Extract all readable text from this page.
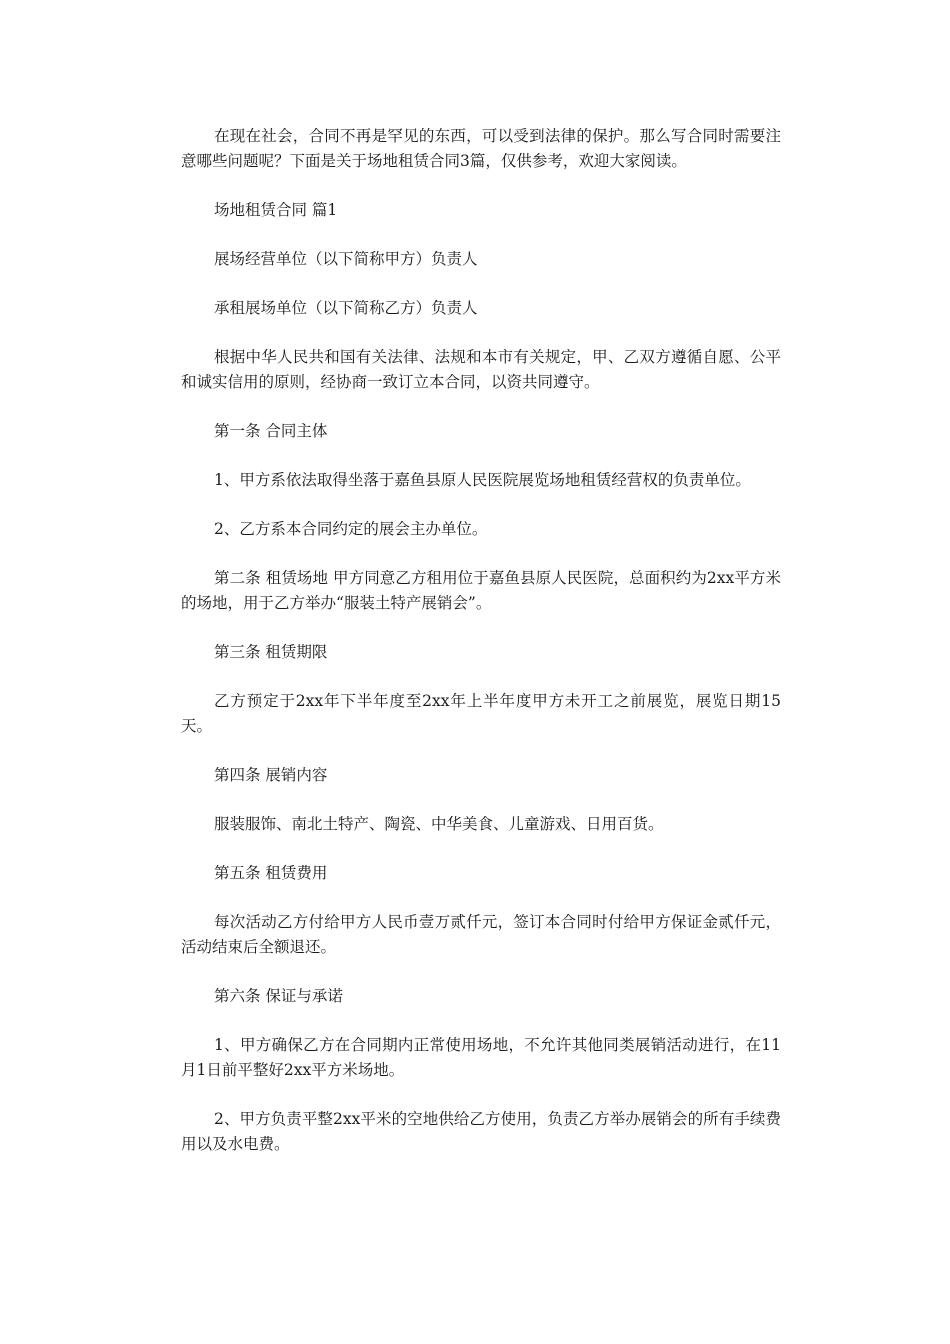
在现在社会，合同不再是罕见的东西，可以受到法律的保护。那么写合同时需要注意哪些问题呢？下面是关于场地租赁合同3篇，仅供参考，欢迎大家阅读。

场地租赁合同 篇1

展场经营单位（以下简称甲方）负责人

承租展场单位（以下简称乙方）负责人

根据中华人民共和国有关法律、法规和本市有关规定，甲、乙双方遵循自愿、公平和诚实信用的原则，经协商一致订立本合同，以资共同遵守。

第一条 合同主体

1、甲方系依法取得坐落于嘉鱼县原人民医院展览场地租赁经营权的负责单位。

2、乙方系本合同约定的展会主办单位。

第二条 租赁场地 甲方同意乙方租用位于嘉鱼县原人民医院，总面积约为2xx平方米的场地，用于乙方举办“服装土特产展销会”。

第三条 租赁期限

乙方预定于2xx年下半年度至2xx年上半年度甲方未开工之前展览，展览日期15天。

第四条 展销内容

服装服饰、南北土特产、陶瓷、中华美食、儿童游戏、日用百货。

第五条 租赁费用

每次活动乙方付给甲方人民币壹万贰仟元，签订本合同时付给甲方保证金贰仟元，活动结束后全额退还。

第六条 保证与承诺

1、甲方确保乙方在合同期内正常使用场地，不允许其他同类展销活动进行，在11月1日前平整好2xx平方米场地。

2、甲方负责平整2xx平米的空地供给乙方使用，负责乙方举办展销会的所有手续费用以及水电费。
